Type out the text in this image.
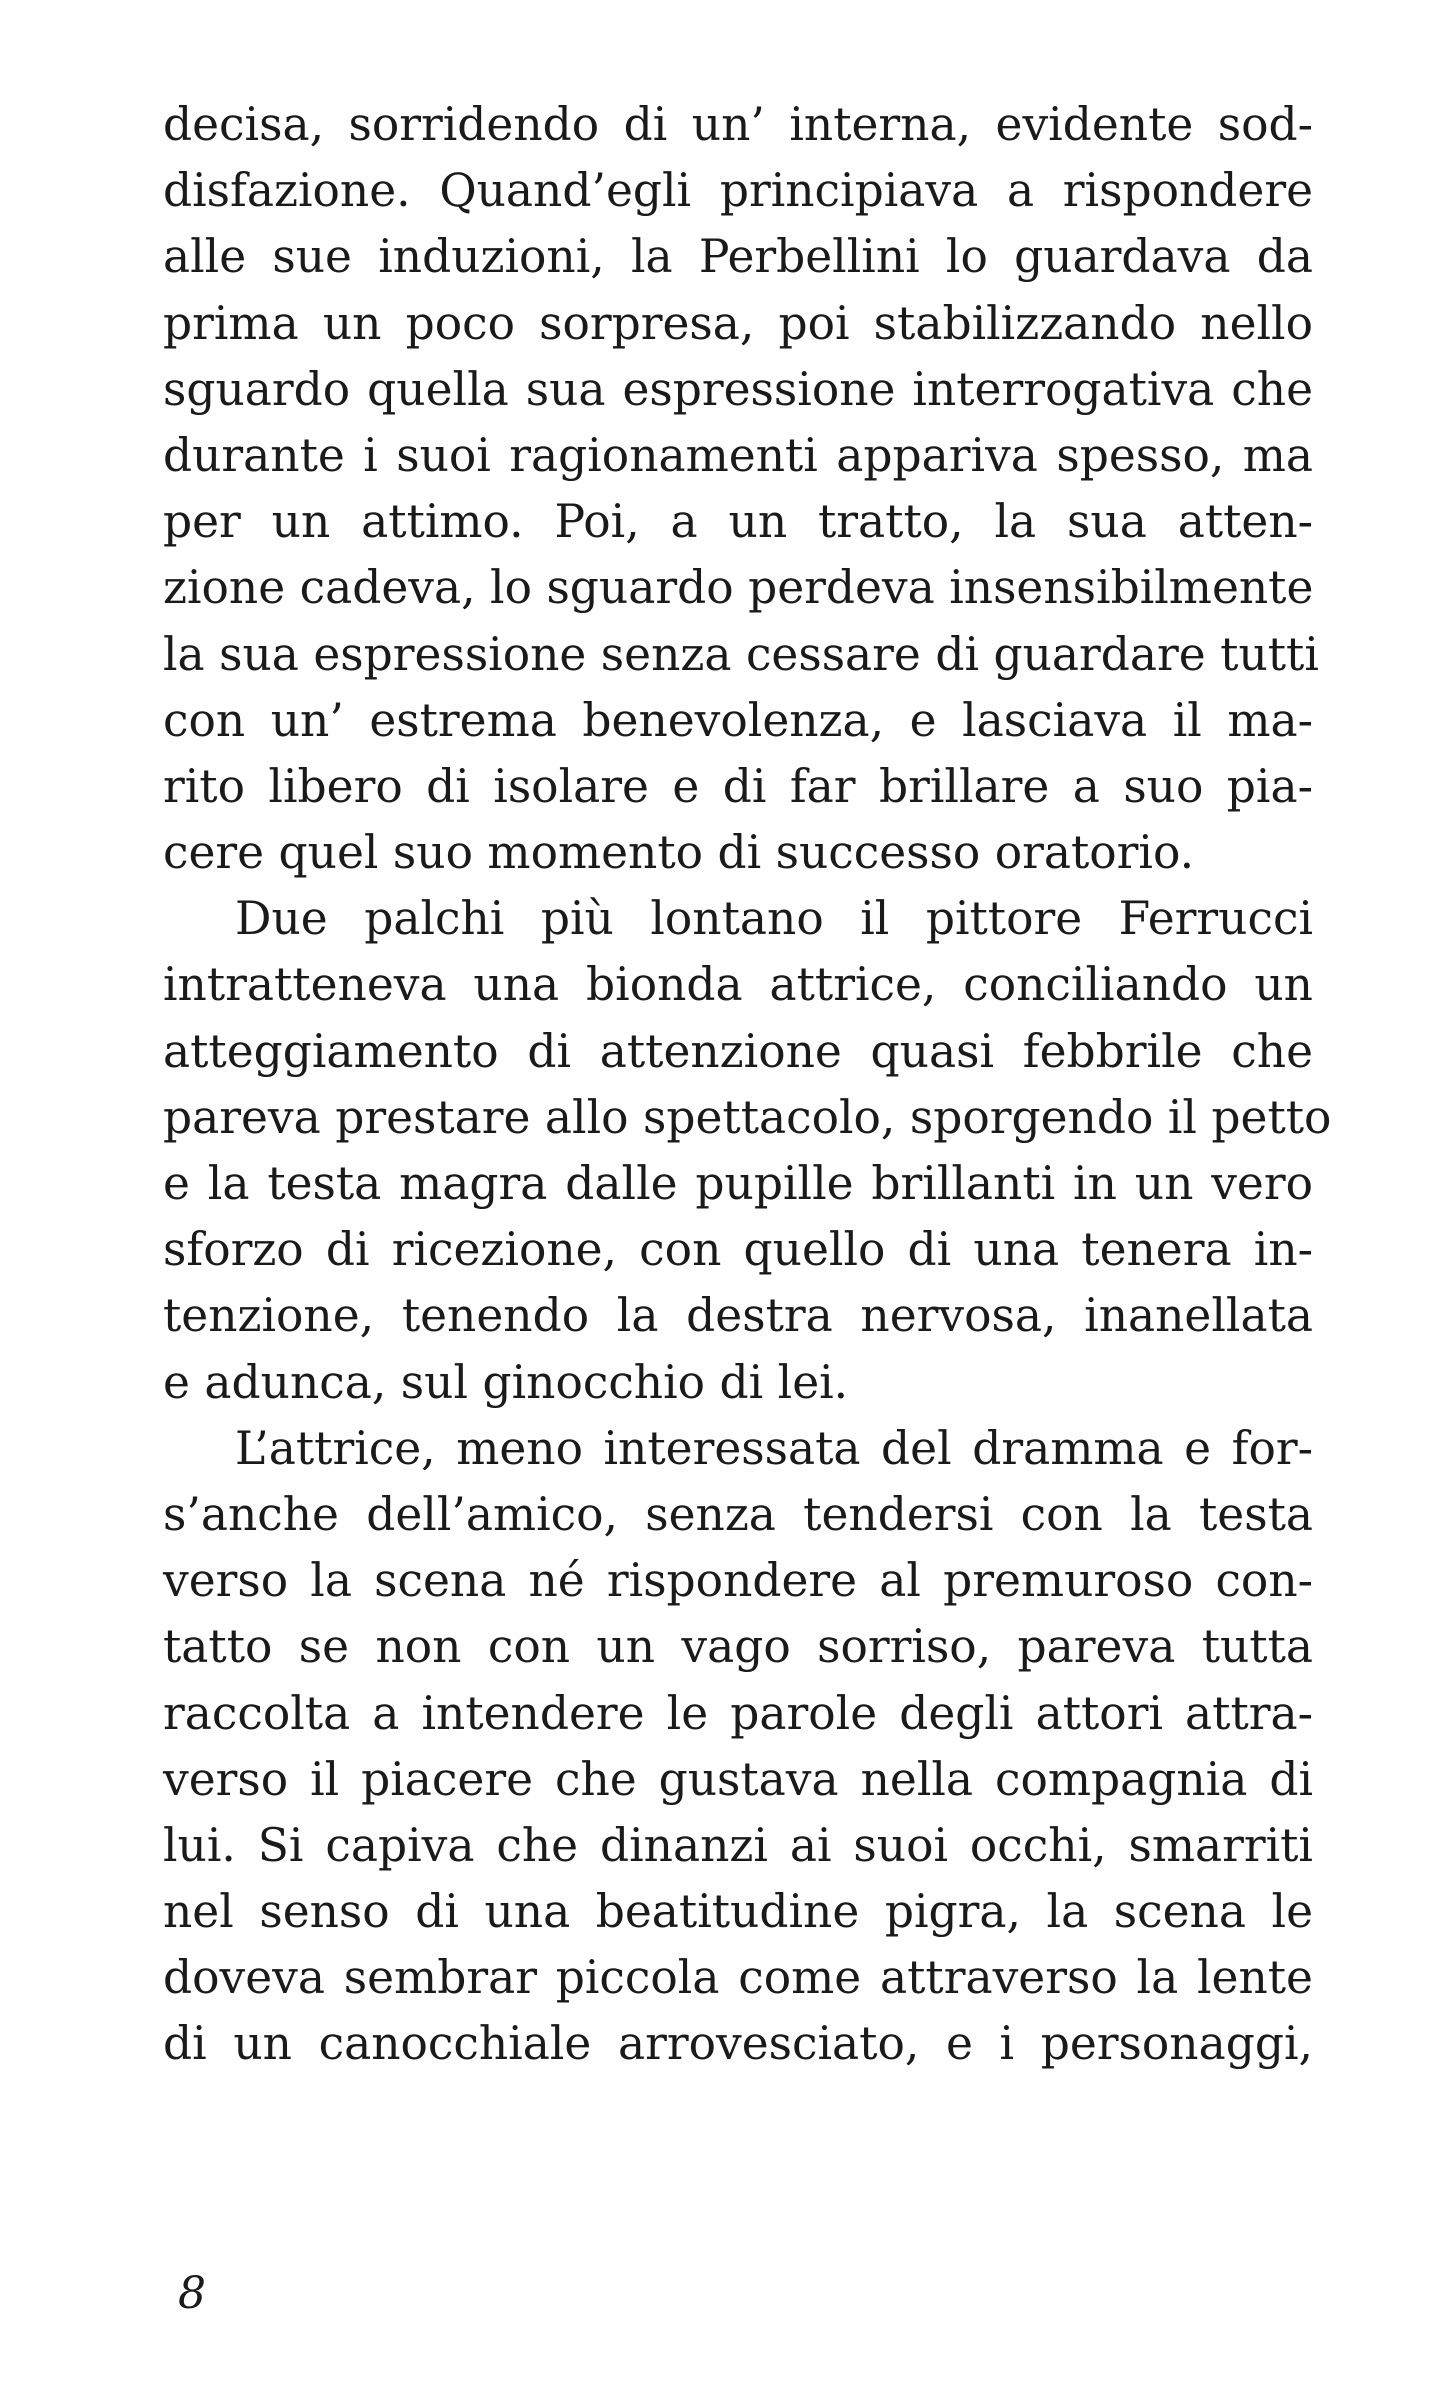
decisa, sorridendo di un’ interna, evidente sod-
disfazione. Quand’egli principiava a rispondere
alle sue induzioni, la Perbellini lo guardava da
prima un poco sorpresa, poi stabilizzando nello
sguardo quella sua espressione interrogativa che
durante i suoi ragionamenti appariva spesso, ma
per un attimo. Poi, a un tratto, la sua atten-
zione cadeva, lo sguardo perdeva insensibilmente
la sua espressione senza cessare di guardare tutti
con un’ estrema benevolenza, e lasciava il ma-
rito libero di isolare e di far brillare a suo pia-
cere quel suo momento di successo oratorio.
Due palchi più lontano il pittore Ferrucci
intratteneva una bionda attrice, conciliando un
atteggiamento di attenzione quasi febbrile che
pareva prestare allo spettacolo, sporgendo il petto
e la testa magra dalle pupille brillanti in un vero
sforzo di ricezione, con quello di una tenera in-
tenzione, tenendo la destra nervosa, inanellata
e adunca, sul ginocchio di lei.
L’attrice, meno interessata del dramma e for-
s’anche dell’amico, senza tendersi con la testa
verso la scena né rispondere al premuroso con-
tatto se non con un vago sorriso, pareva tutta
raccolta a intendere le parole degli attori attra-
verso il piacere che gustava nella compagnia di
lui. Si capiva che dinanzi ai suoi occhi, smarriti
nel senso di una beatitudine pigra, la scena le
doveva sembrar piccola come attraverso la lente
di un canocchiale arrovesciato, e i personaggi,
8
